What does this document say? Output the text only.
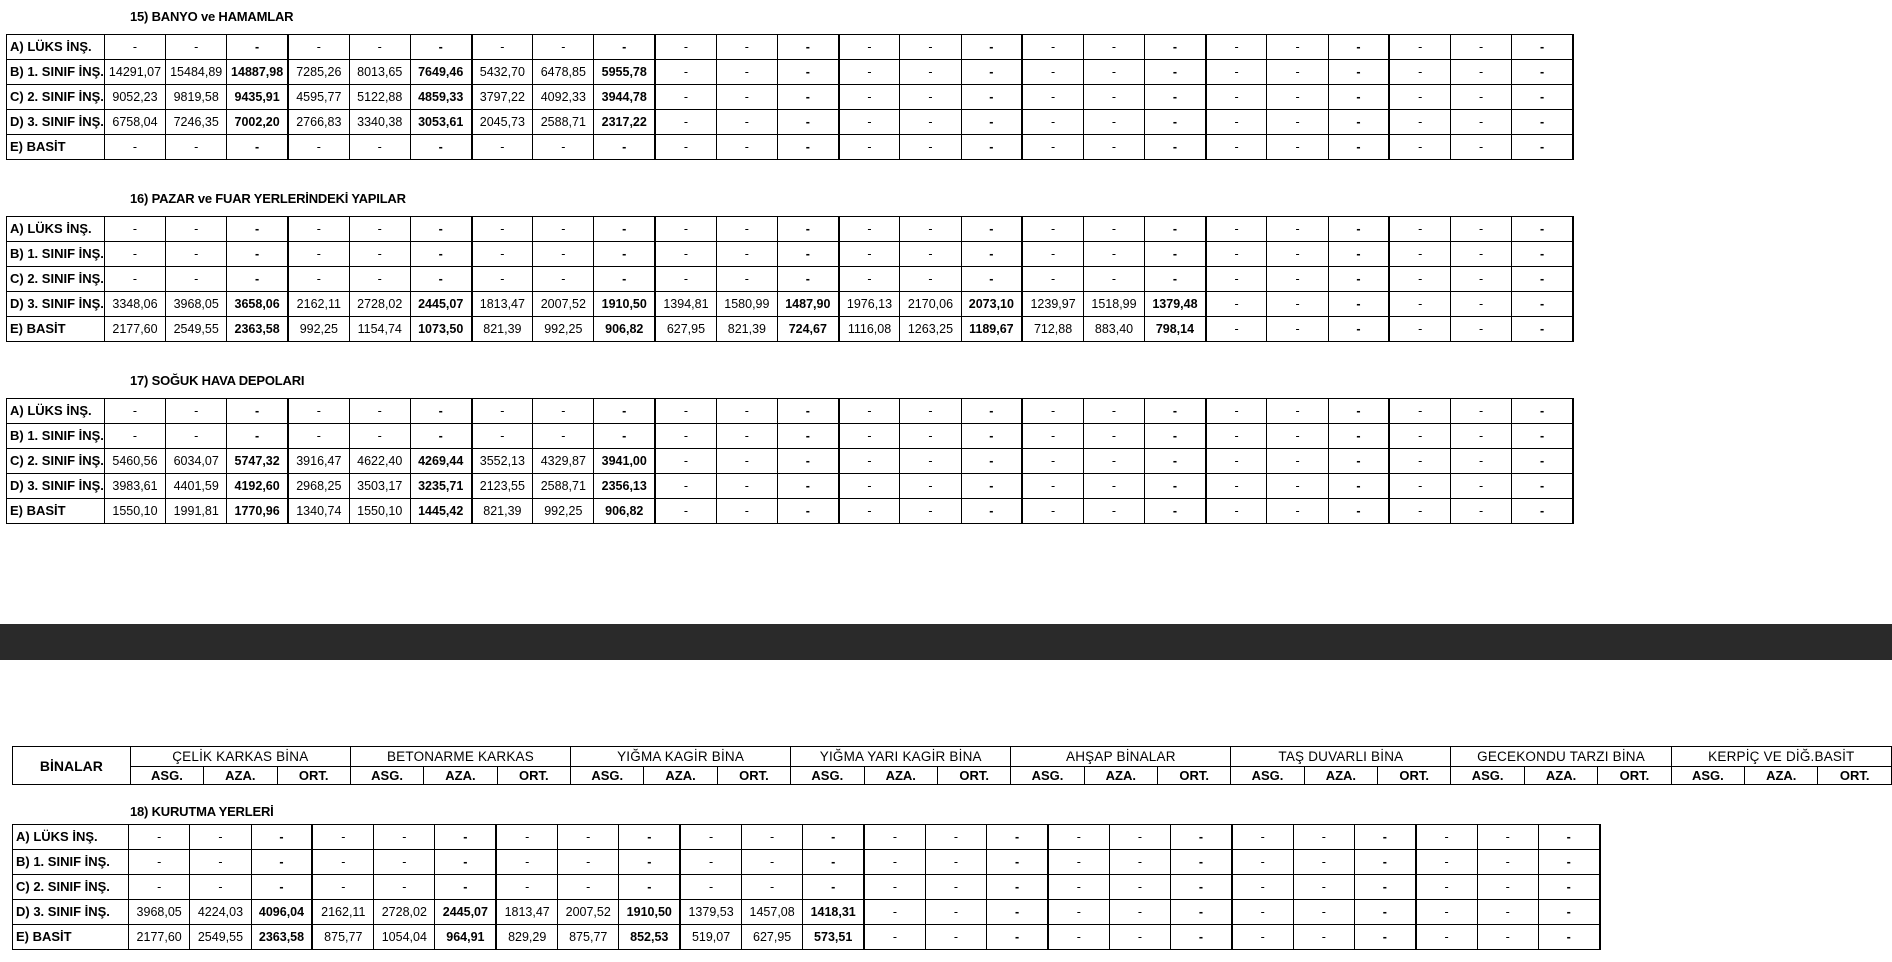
15) BANYO ve HAMAMLAR
A) LÜKS İNŞ.	-	-	-	-	-	-	-	-	-	-	-	-	-	-	-	-	-	-	-	-	-	-	-	-
B) 1. SINIF İNŞ.	14291,07	15484,89	14887,98	7285,26	8013,65	7649,46	5432,70	6478,85	5955,78	-	-	-	-	-	-	-	-	-	-	-	-	-	-	-
C) 2. SINIF İNŞ.	9052,23	9819,58	9435,91	4595,77	5122,88	4859,33	3797,22	4092,33	3944,78	-	-	-	-	-	-	-	-	-	-	-	-	-	-	-
D) 3. SINIF İNŞ.	6758,04	7246,35	7002,20	2766,83	3340,38	3053,61	2045,73	2588,71	2317,22	-	-	-	-	-	-	-	-	-	-	-	-	-	-	-
E) BASİT	-	-	-	-	-	-	-	-	-	-	-	-	-	-	-	-	-	-	-	-	-	-	-	-
16) PAZAR ve FUAR YERLERİNDEKİ YAPILAR
A) LÜKS İNŞ.	-	-	-	-	-	-	-	-	-	-	-	-	-	-	-	-	-	-	-	-	-	-	-	-
B) 1. SINIF İNŞ.	-	-	-	-	-	-	-	-	-	-	-	-	-	-	-	-	-	-	-	-	-	-	-	-
C) 2. SINIF İNŞ.	-	-	-	-	-	-	-	-	-	-	-	-	-	-	-	-	-	-	-	-	-	-	-	-
D) 3. SINIF İNŞ.	3348,06	3968,05	3658,06	2162,11	2728,02	2445,07	1813,47	2007,52	1910,50	1394,81	1580,99	1487,90	1976,13	2170,06	2073,10	1239,97	1518,99	1379,48	-	-	-	-	-	-
E) BASİT	2177,60	2549,55	2363,58	992,25	1154,74	1073,50	821,39	992,25	906,82	627,95	821,39	724,67	1116,08	1263,25	1189,67	712,88	883,40	798,14	-	-	-	-	-	-
17) SOĞUK HAVA DEPOLARI
A) LÜKS İNŞ.	-	-	-	-	-	-	-	-	-	-	-	-	-	-	-	-	-	-	-	-	-	-	-	-
B) 1. SINIF İNŞ.	-	-	-	-	-	-	-	-	-	-	-	-	-	-	-	-	-	-	-	-	-	-	-	-
C) 2. SINIF İNŞ.	5460,56	6034,07	5747,32	3916,47	4622,40	4269,44	3552,13	4329,87	3941,00	-	-	-	-	-	-	-	-	-	-	-	-	-	-	-
D) 3. SINIF İNŞ.	3983,61	4401,59	4192,60	2968,25	3503,17	3235,71	2123,55	2588,71	2356,13	-	-	-	-	-	-	-	-	-	-	-	-	-	-	-
E) BASİT	1550,10	1991,81	1770,96	1340,74	1550,10	1445,42	821,39	992,25	906,82	-	-	-	-	-	-	-	-	-	-	-	-	-	-	-
BİNALAR	ÇELİK KARKAS BİNA			BETONARME KARKAS			YIĞMA KAGİR BİNA			YIĞMA YARI KAGİR BİNA			AHŞAP BİNALAR			TAŞ DUVARLI BİNA			GECEKONDU TARZI BİNA			KERPİÇ VE DİĞ.BASİT		
	ASG.	AZA.	ORT.	ASG.	AZA.	ORT.	ASG.	AZA.	ORT.	ASG.	AZA.	ORT.	ASG.	AZA.	ORT.	ASG.	AZA.	ORT.	ASG.	AZA.	ORT.	ASG.	AZA.	ORT.
18) KURUTMA YERLERİ
A) LÜKS İNŞ.	-	-	-	-	-	-	-	-	-	-	-	-	-	-	-	-	-	-	-	-	-	-	-	-
B) 1. SINIF İNŞ.	-	-	-	-	-	-	-	-	-	-	-	-	-	-	-	-	-	-	-	-	-	-	-	-
C) 2. SINIF İNŞ.	-	-	-	-	-	-	-	-	-	-	-	-	-	-	-	-	-	-	-	-	-	-	-	-
D) 3. SINIF İNŞ.	3968,05	4224,03	4096,04	2162,11	2728,02	2445,07	1813,47	2007,52	1910,50	1379,53	1457,08	1418,31	-	-	-	-	-	-	-	-	-	-	-	-
E) BASİT	2177,60	2549,55	2363,58	875,77	1054,04	964,91	829,29	875,77	852,53	519,07	627,95	573,51	-	-	-	-	-	-	-	-	-	-	-	-
